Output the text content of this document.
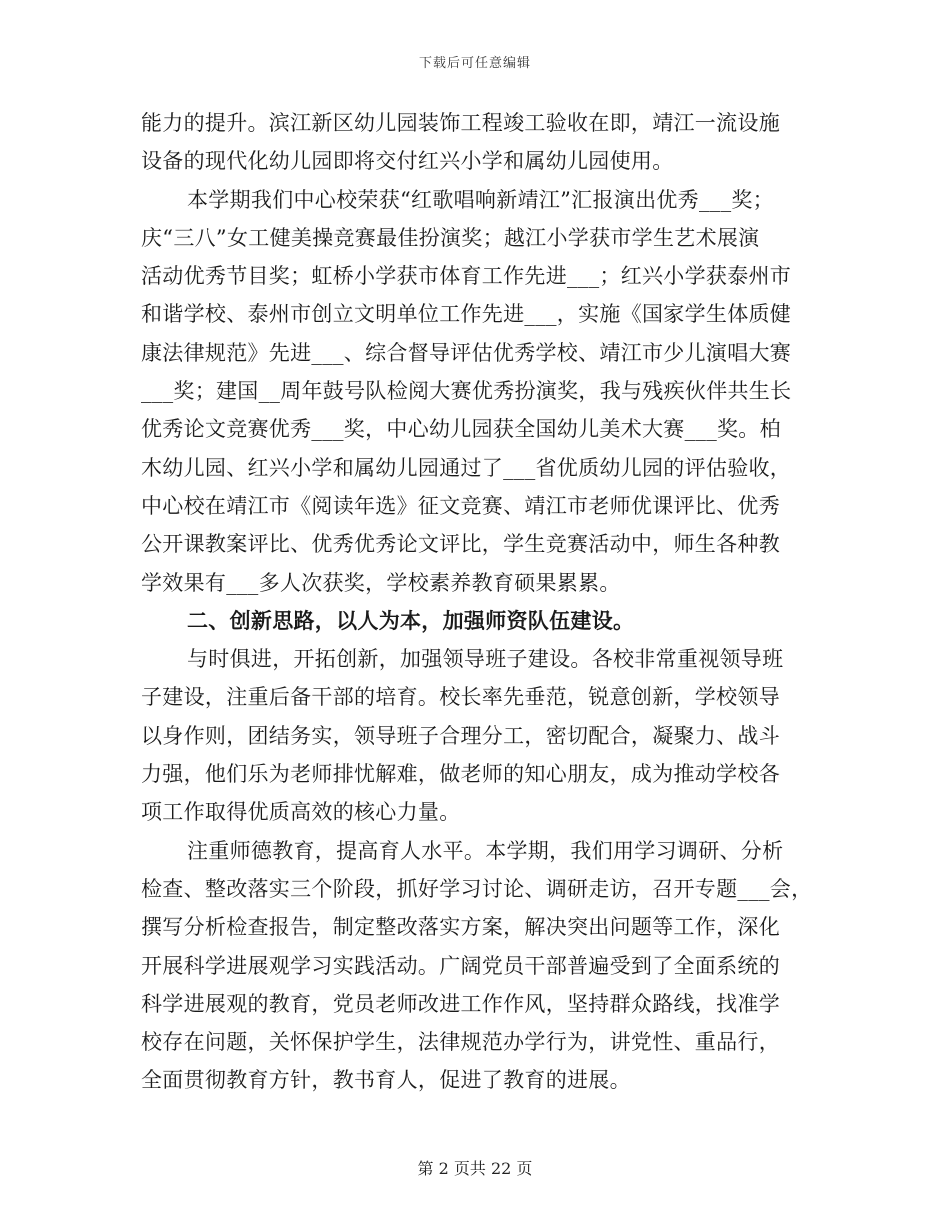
下载后可任意编辑
能力的提升。滨江新区幼儿园装饰工程竣工验收在即，靖江一流设施
设备的现代化幼儿园即将交付红兴小学和属幼儿园使用。
本学期我们中心校荣获“红歌唱响新靖江”汇报演出优秀___奖；
庆“三八”女工健美操竞赛最佳扮演奖；越江小学获市学生艺术展演
活动优秀节目奖；虹桥小学获市体育工作先进___；红兴小学获泰州市
和谐学校、泰州市创立文明单位工作先进___，实施《国家学生体质健
康法律规范》先进___、综合督导评估优秀学校、靖江市少儿演唱大赛
___奖；建国__周年鼓号队检阅大赛优秀扮演奖，我与残疾伙伴共生长
优秀论文竞赛优秀___奖，中心幼儿园获全国幼儿美术大赛___奖。柏
木幼儿园、红兴小学和属幼儿园通过了___省优质幼儿园的评估验收，
中心校在靖江市《阅读年选》征文竞赛、靖江市老师优课评比、优秀
公开课教案评比、优秀优秀论文评比，学生竞赛活动中，师生各种教
学效果有___多人次获奖，学校素养教育硕果累累。
二、创新思路，以人为本，加强师资队伍建设。
与时俱进，开拓创新，加强领导班子建设。各校非常重视领导班
子建设，注重后备干部的培育。校长率先垂范，锐意创新，学校领导
以身作则，团结务实，领导班子合理分工，密切配合，凝聚力、战斗
力强，他们乐为老师排忧解难，做老师的知心朋友，成为推动学校各
项工作取得优质高效的核心力量。
注重师德教育，提高育人水平。本学期，我们用学习调研、分析
检查、整改落实三个阶段，抓好学习讨论、调研走访，召开专题___会，
撰写分析检查报告，制定整改落实方案，解决突出问题等工作，深化
开展科学进展观学习实践活动。广阔党员干部普遍受到了全面系统的
科学进展观的教育，党员老师改进工作作风，坚持群众路线，找准学
校存在问题，关怀保护学生，法律规范办学行为，讲党性、重品行，
全面贯彻教育方针，教书育人，促进了教育的进展。
第 2 页共 22 页
